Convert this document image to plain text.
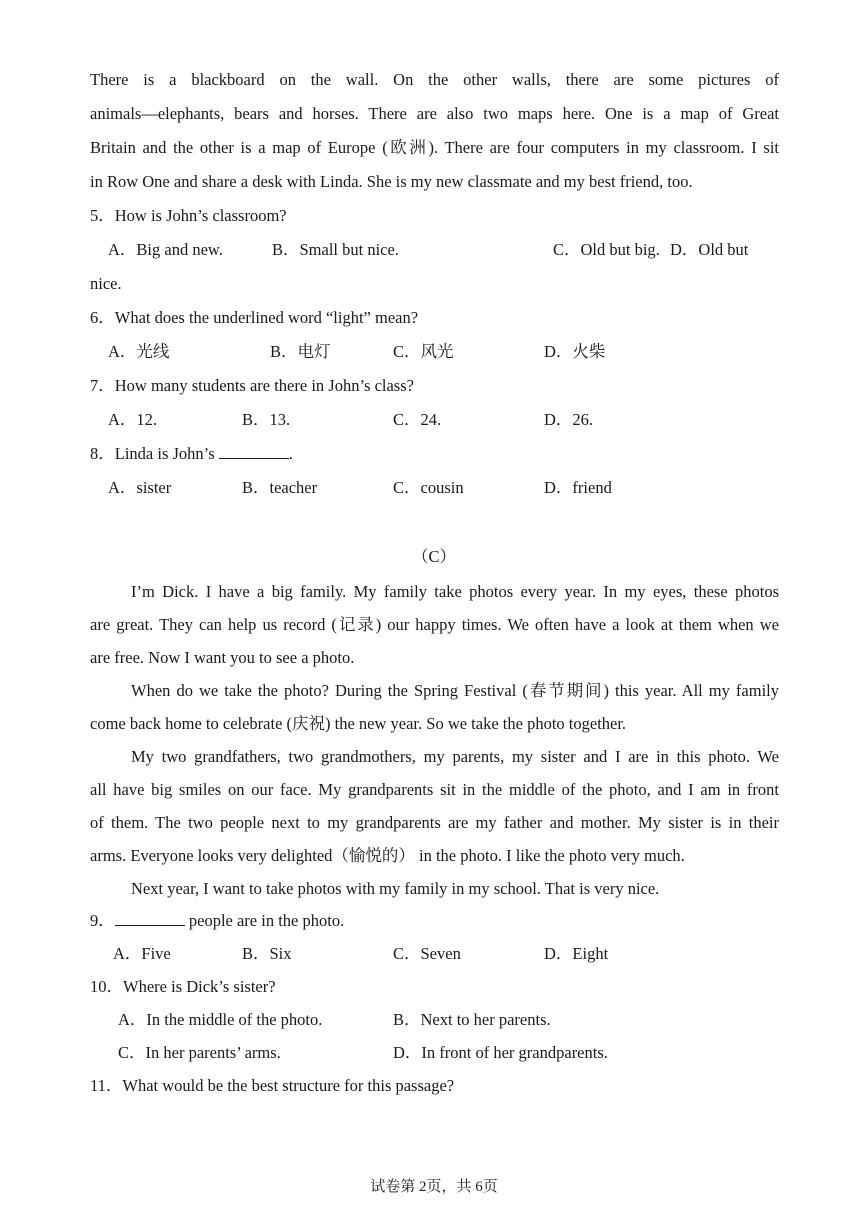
There is a blackboard on the wall. On the other walls, there are some pictures of

animals—elephants, bears and horses. There are also two maps here. One is a map of Great

Britain and the other is a map of Europe (欧洲). There are four computers in my classroom. I sit

in Row One and share a desk with Linda. She is my new classmate and my best friend, too.

5．How is John’s classroom?

A．Big and new.	B．Small but nice.	C．Old but big. D．Old but
nice.

6．What does the underlined word “light” mean?

A．光线	B．电灯	C．风光	D．火柴

7．How many students are there in John’s class?

A．12.	B．13.	C．24.	D．26.

8．Linda is John’s	.

A．sister	B．teacher	C．cousin	D．friend
（C）

I’m Dick. I have a big family. My family take photos every year. In my eyes, these photos

are great. They can help us record (记录) our happy times. We often have a look at them when we

are free. Now I want you to see a photo.

When do we take the photo? During the Spring Festival (春节期间) this year. All my family

come back home to celebrate (庆祝) the new year. So we take the photo together.

My two grandfathers, two grandmothers, my parents, my sister and I are in this photo. We

all have big smiles on our face. My grandparents sit in the middle of the photo, and I am in front

of them. The two people next to my grandparents are my father and mother. My sister is in their

arms. Everyone looks very delighted（愉悦的） in the photo. I like the photo very much.

Next year, I want to take photos with my family in my school. That is very nice.

9．	people are in the photo.

A．Five	B．Six	C．Seven	D．Eight

10．Where is Dick’s sister?

A．In the middle of the photo.	B．Next to her parents.
C．In her parents’ arms.	D．In front of her grandparents.

11．What would be the best structure for this passage?

试卷第 2页，共 6页
